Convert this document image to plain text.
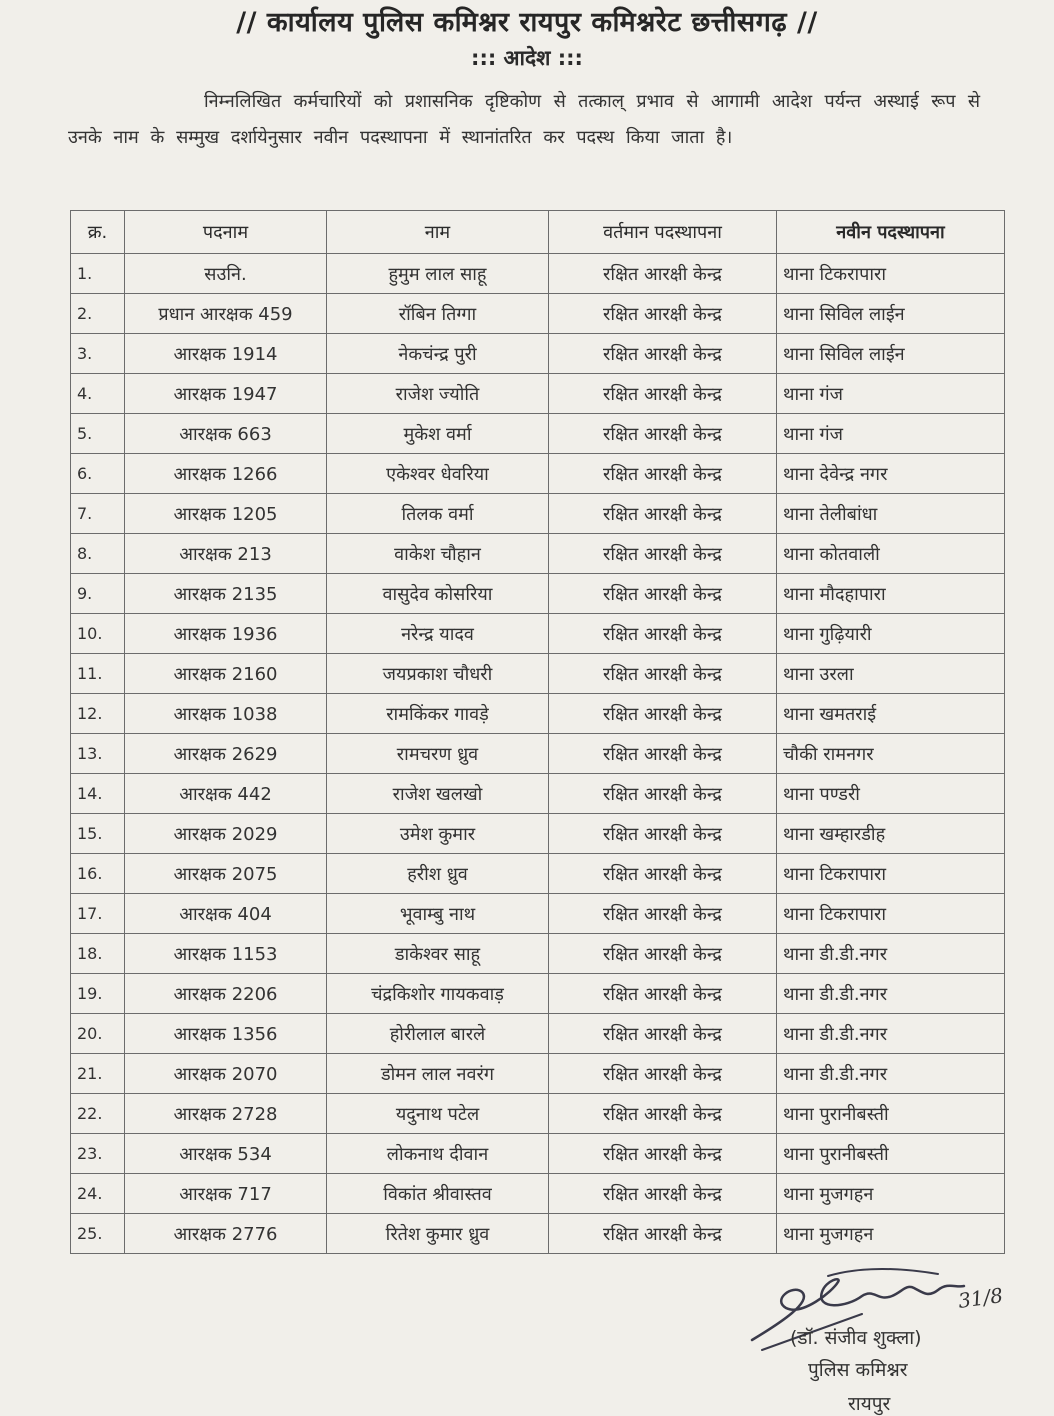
// कार्यालय पुलिस कमिश्नर रायपुर कमिश्नरेट छत्तीसगढ़ //
::: आदेश :::
निम्नलिखित कर्मचारियों को प्रशासनिक दृष्टिकोण से तत्काल् प्रभाव से आगामी आदेश पर्यन्त अस्थाई रूप से उनके नाम के सम्मुख दर्शायेनुसार नवीन पदस्थापना में स्थानांतरित कर पदस्थ किया जाता है।
क्र.	पदनाम	नाम	वर्तमान पदस्थापना	नवीन पदस्थापना
1.	सउनि.	हुमुम लाल साहू	रक्षित आरक्षी केन्द्र	थाना टिकरापारा
2.	प्रधान आरक्षक 459	रॉबिन तिग्गा	रक्षित आरक्षी केन्द्र	थाना सिविल लाईन
3.	आरक्षक 1914	नेकचंन्द्र पुरी	रक्षित आरक्षी केन्द्र	थाना सिविल लाईन
4.	आरक्षक 1947	राजेश ज्योति	रक्षित आरक्षी केन्द्र	थाना गंज
5.	आरक्षक 663	मुकेश वर्मा	रक्षित आरक्षी केन्द्र	थाना गंज
6.	आरक्षक 1266	एकेश्वर धेवरिया	रक्षित आरक्षी केन्द्र	थाना देवेन्द्र नगर
7.	आरक्षक 1205	तिलक वर्मा	रक्षित आरक्षी केन्द्र	थाना तेलीबांधा
8.	आरक्षक 213	वाकेश चौहान	रक्षित आरक्षी केन्द्र	थाना कोतवाली
9.	आरक्षक 2135	वासुदेव कोसरिया	रक्षित आरक्षी केन्द्र	थाना मौदहापारा
10.	आरक्षक 1936	नरेन्द्र यादव	रक्षित आरक्षी केन्द्र	थाना गुढ़ियारी
11.	आरक्षक 2160	जयप्रकाश चौधरी	रक्षित आरक्षी केन्द्र	थाना उरला
12.	आरक्षक 1038	रामकिंकर गावड़े	रक्षित आरक्षी केन्द्र	थाना खमतराई
13.	आरक्षक 2629	रामचरण ध्रुव	रक्षित आरक्षी केन्द्र	चौकी रामनगर
14.	आरक्षक 442	राजेश खलखो	रक्षित आरक्षी केन्द्र	थाना पण्डरी
15.	आरक्षक 2029	उमेश कुमार	रक्षित आरक्षी केन्द्र	थाना खम्हारडीह
16.	आरक्षक 2075	हरीश ध्रुव	रक्षित आरक्षी केन्द्र	थाना टिकरापारा
17.	आरक्षक 404	भूवाम्बु नाथ	रक्षित आरक्षी केन्द्र	थाना टिकरापारा
18.	आरक्षक 1153	डाकेश्वर साहू	रक्षित आरक्षी केन्द्र	थाना डी.डी.नगर
19.	आरक्षक 2206	चंद्रकिशोर गायकवाड़	रक्षित आरक्षी केन्द्र	थाना डी.डी.नगर
20.	आरक्षक 1356	होरीलाल बारले	रक्षित आरक्षी केन्द्र	थाना डी.डी.नगर
21.	आरक्षक 2070	डोमन लाल नवरंग	रक्षित आरक्षी केन्द्र	थाना डी.डी.नगर
22.	आरक्षक 2728	यदुनाथ पटेल	रक्षित आरक्षी केन्द्र	थाना पुरानीबस्ती
23.	आरक्षक 534	लोकनाथ दीवान	रक्षित आरक्षी केन्द्र	थाना पुरानीबस्ती
24.	आरक्षक 717	विकांत श्रीवास्तव	रक्षित आरक्षी केन्द्र	थाना मुजगहन
25.	आरक्षक 2776	रितेश कुमार ध्रुव	रक्षित आरक्षी केन्द्र	थाना मुजगहन
31/8
(डॉ. संजीव शुक्ला)
पुलिस कमिश्नर
रायपुर
